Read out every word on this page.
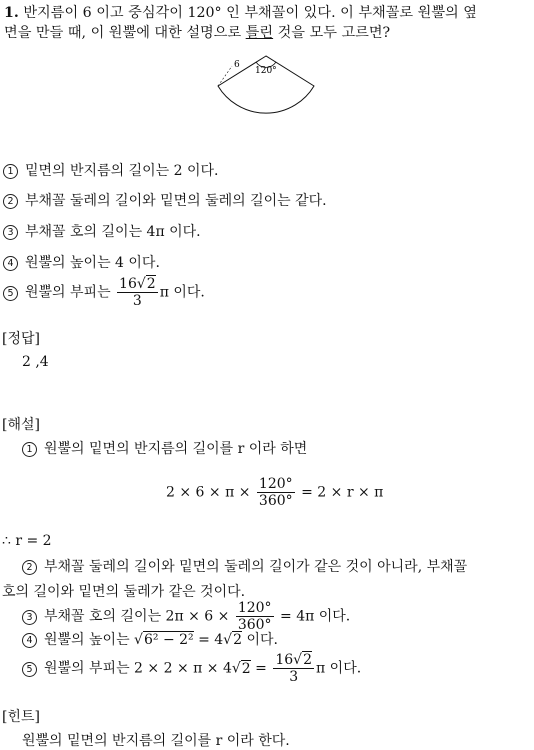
1. 반지름이 6 이고 중심각이 120° 인 부채꼴이 있다. 이 부채꼴로 원뿔의 옆
면을 만들 때, 이 원뿔에 대한 설명으로 틀린 것을 모두 고르면?
6
120°
1 밑면의 반지름의 길이는 2 이다.
2 부채꼴 둘레의 길이와 밑면의 둘레의 길이는 같다.
3 부채꼴 호의 길이는 4π 이다.
4 원뿔의 높이는 4 이다.
5 원뿔의 부피는 $\frac{16√2}{3}$ π 이다.
[정답]
2 ,4
[해설]
1 원뿔의 밑면의 반지름의 길이를 r 이라 하면
$2 \times 6 \times \pi \times \frac{120^\circ}{360^\circ} = 2 \times r \times \pi$
∴ r = 2
2 부채꼴 둘레의 길이와 밑면의 둘레의 길이가 같은 것이 아니라, 부채꼴
호의 길이와 밑면의 둘레가 같은 것이다.
3 부채꼴 호의 길이는 $2\pi \times 6 \times \frac{120^\circ}{360^\circ} = 4\pi$ 이다.
4 원뿔의 높이는 √6² − 2² = 4√2 이다.
5 원뿔의 부피는 $2 \times 2 \times \pi \times 4√2 = \frac{16√2}{3}$ π 이다.
[힌트]
원뿔의 밑면의 반지름의 길이를 r 이라 한다.
